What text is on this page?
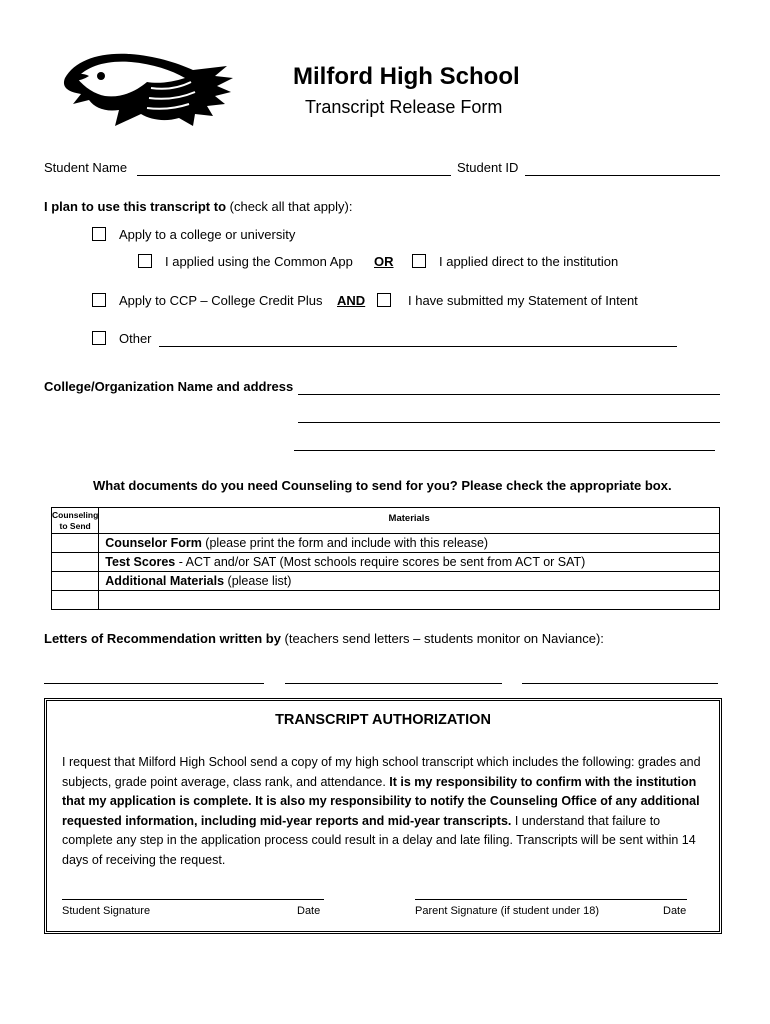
Milford High School
Transcript Release Form
Student Name	Student ID
I plan to use this transcript to (check all that apply):
Apply to a college or university
I applied using the Common App OR	I applied direct to the institution
Apply to CCP – College Credit Plus AND	I have submitted my Statement of Intent
Other
College/Organization Name and address
What documents do you need Counseling to send for you? Please check the appropriate box.
Counseling
to Send	Materials
	Counselor Form (please print the form and include with this release)
	Test Scores - ACT and/or SAT (Most schools require scores be sent from ACT or SAT)
	Additional Materials (please list)

Letters of Recommendation written by (teachers send letters – students monitor on Naviance):
TRANSCRIPT AUTHORIZATION
I request that Milford High School send a copy of my high school transcript which includes the following: grades and subjects, grade point average, class rank, and attendance. It is my responsibility to confirm with the institution that my application is complete. It is also my responsibility to notify the Counseling Office of any additional requested information, including mid-year reports and mid-year transcripts. I understand that failure to complete any step in the application process could result in a delay and late filing. Transcripts will be sent within 14 days of receiving the request.
Student Signature	Date	Parent Signature (if student under 18)	Date
